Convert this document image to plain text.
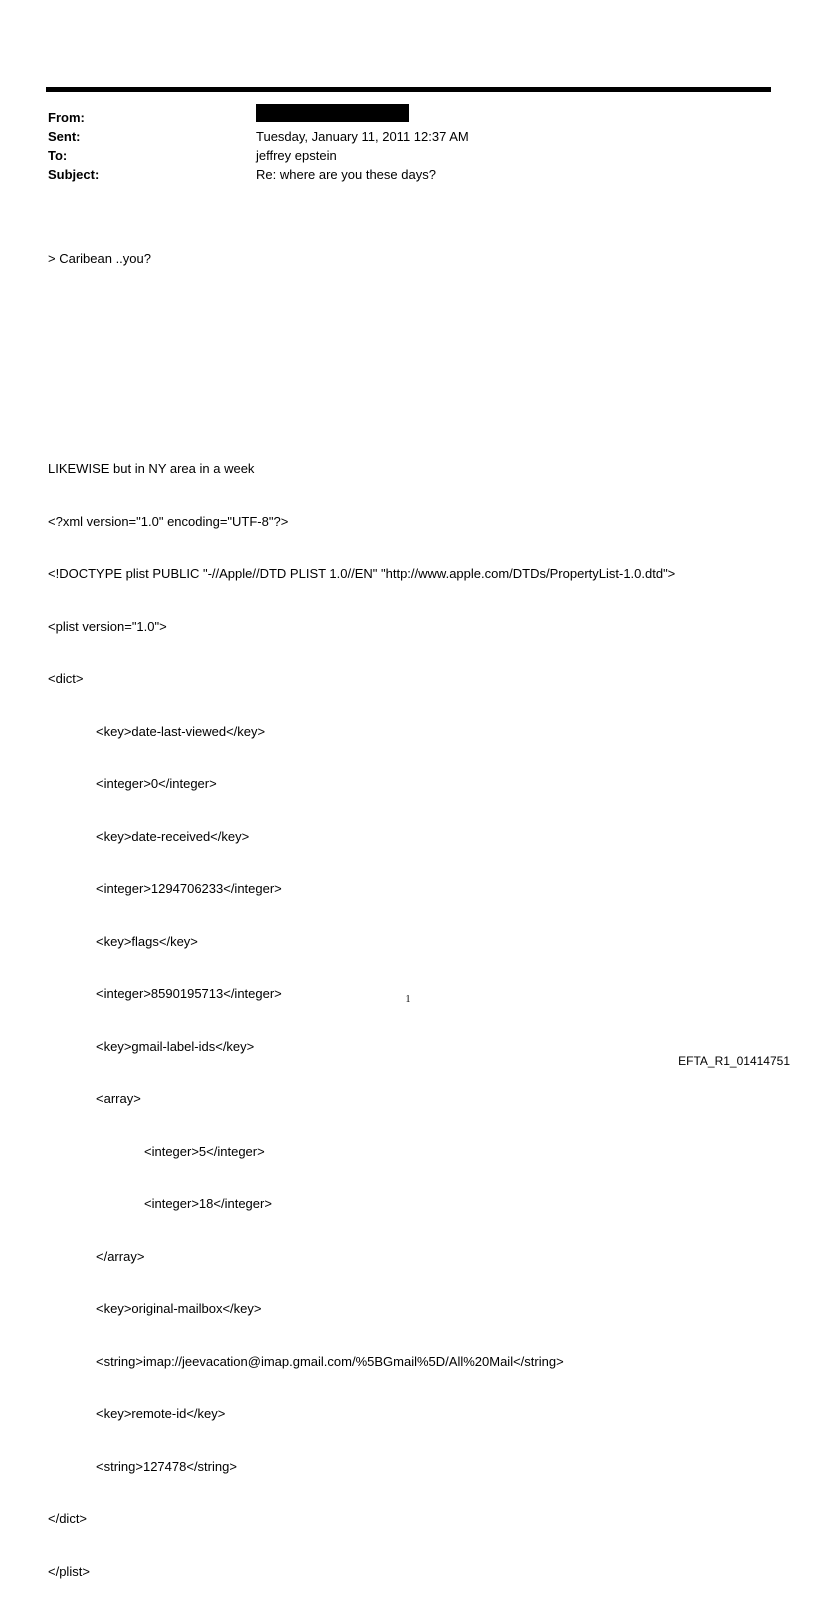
From:
Sent:	Tuesday, January 11, 2011 12:37 AM
To:	jeffrey epstein
Subject:	Re: where are you these days?

> Caribean ..you?

LIKEWISE but in NY area in a week

<?xml version="1.0" encoding="UTF-8"?>

<!DOCTYPE plist PUBLIC "-//Apple//DTD PLIST 1.0//EN" "http://www.apple.com/DTDs/PropertyList-1.0.dtd">

<plist version="1.0">

<dict>

<key>date-last-viewed</key>

<integer>0</integer>

<key>date-received</key>

<integer>1294706233</integer>

<key>flags</key>

<integer>8590195713</integer>

<key>gmail-label-ids</key>

<array>

<integer>5</integer>

<integer>18</integer>

</array>

<key>original-mailbox</key>

<string>imap://jeevacation@imap.gmail.com/%5BGmail%5D/All%20Mail</string>

<key>remote-id</key>

<string>127478</string>

</dict>

</plist>

1
EFTA_R1_01414751
